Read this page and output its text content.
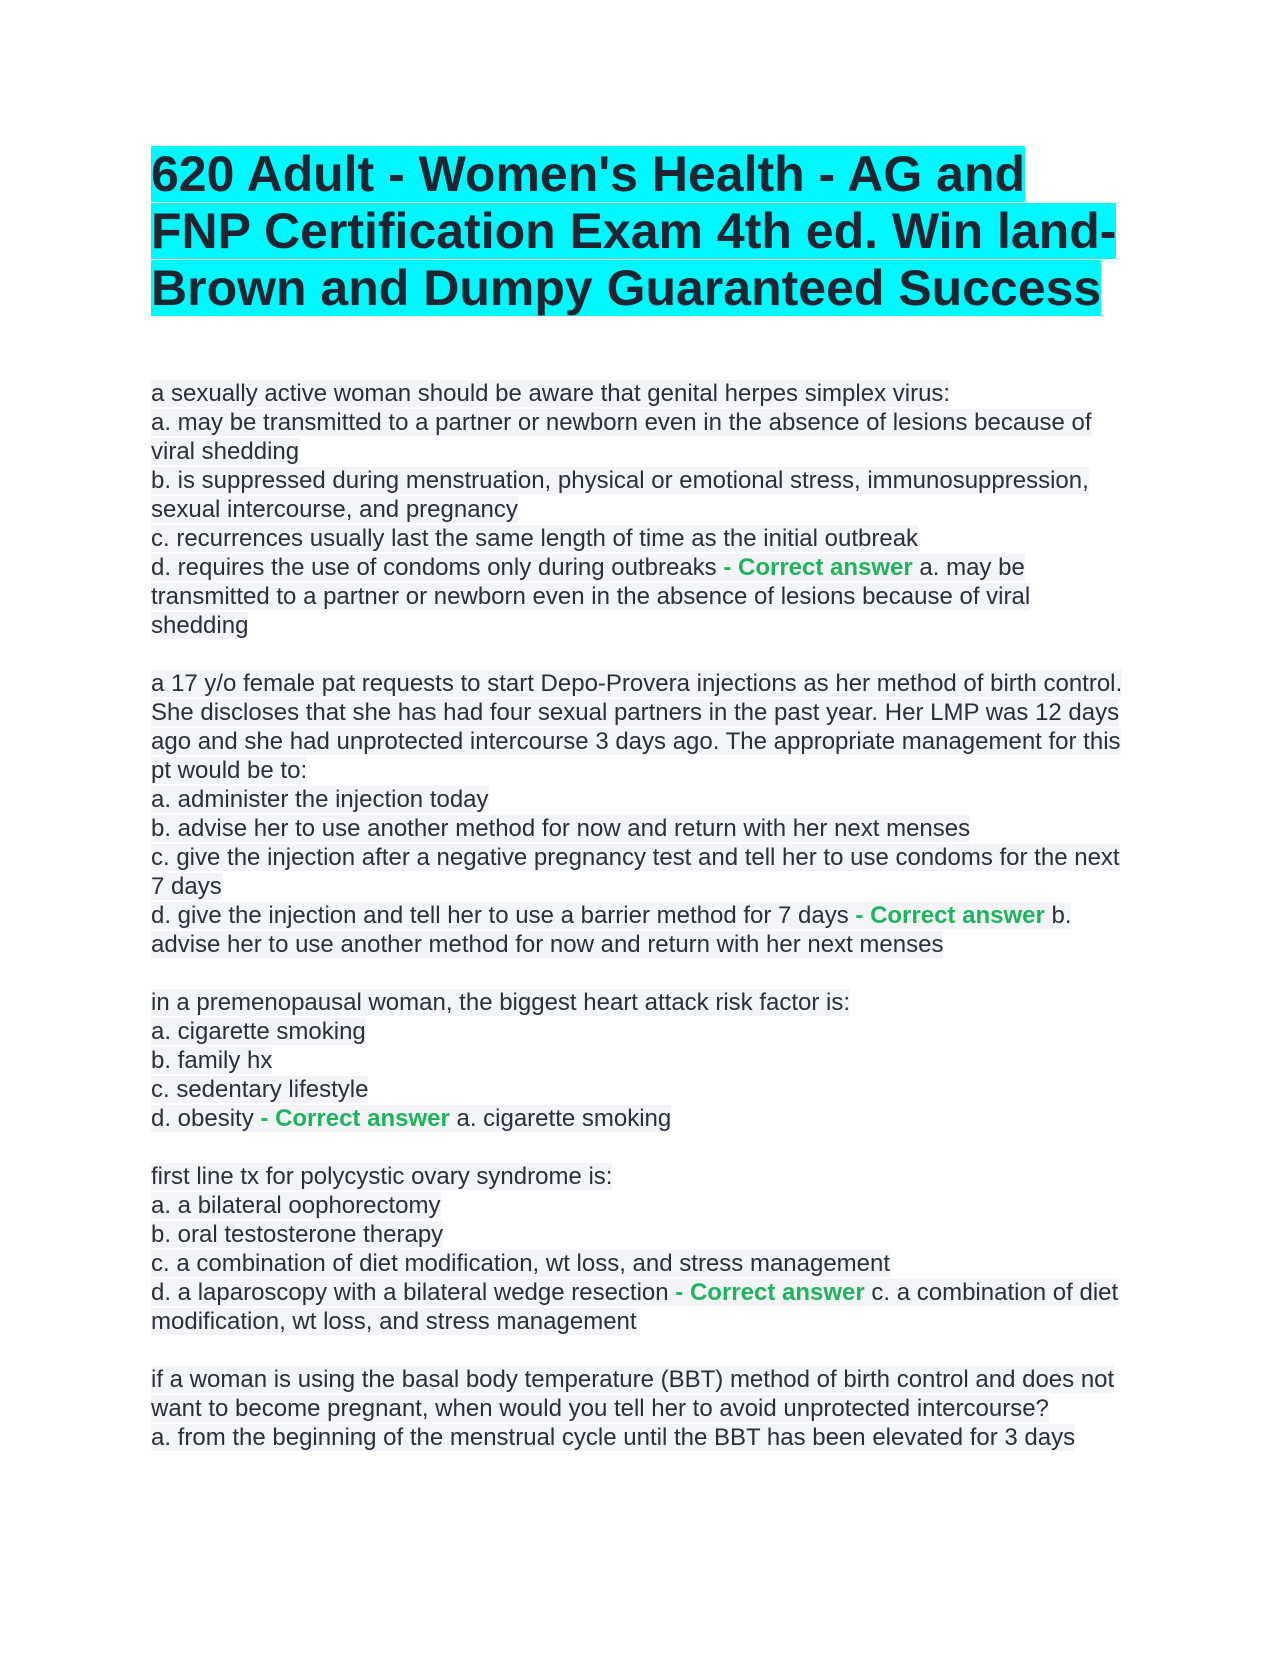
620 Adult - Women's Health - AG and FNP Certification Exam 4th ed. Win land-Brown and Dumpy Guaranteed Success
a sexually active woman should be aware that genital herpes simplex virus:
a. may be transmitted to a partner or newborn even in the absence of lesions because of viral shedding
b. is suppressed during menstruation, physical or emotional stress, immunosuppression, sexual intercourse, and pregnancy
c. recurrences usually last the same length of time as the initial outbreak
d. requires the use of condoms only during outbreaks - Correct answer a. may be transmitted to a partner or newborn even in the absence of lesions because of viral shedding
a 17 y/o female pat requests to start Depo-Provera injections as her method of birth control. She discloses that she has had four sexual partners in the past year. Her LMP was 12 days ago and she had unprotected intercourse 3 days ago. The appropriate management for this pt would be to:
a. administer the injection today
b. advise her to use another method for now and return with her next menses
c. give the injection after a negative pregnancy test and tell her to use condoms for the next 7 days
d. give the injection and tell her to use a barrier method for 7 days - Correct answer b. advise her to use another method for now and return with her next menses
in a premenopausal woman, the biggest heart attack risk factor is:
a. cigarette smoking
b. family hx
c. sedentary lifestyle
d. obesity - Correct answer a. cigarette smoking
first line tx for polycystic ovary syndrome is:
a. a bilateral oophorectomy
b. oral testosterone therapy
c. a combination of diet modification, wt loss, and stress management
d. a laparoscopy with a bilateral wedge resection - Correct answer c. a combination of diet modification, wt loss, and stress management
if a woman is using the basal body temperature (BBT) method of birth control and does not want to become pregnant, when would you tell her to avoid unprotected intercourse?
a. from the beginning of the menstrual cycle until the BBT has been elevated for 3 days
